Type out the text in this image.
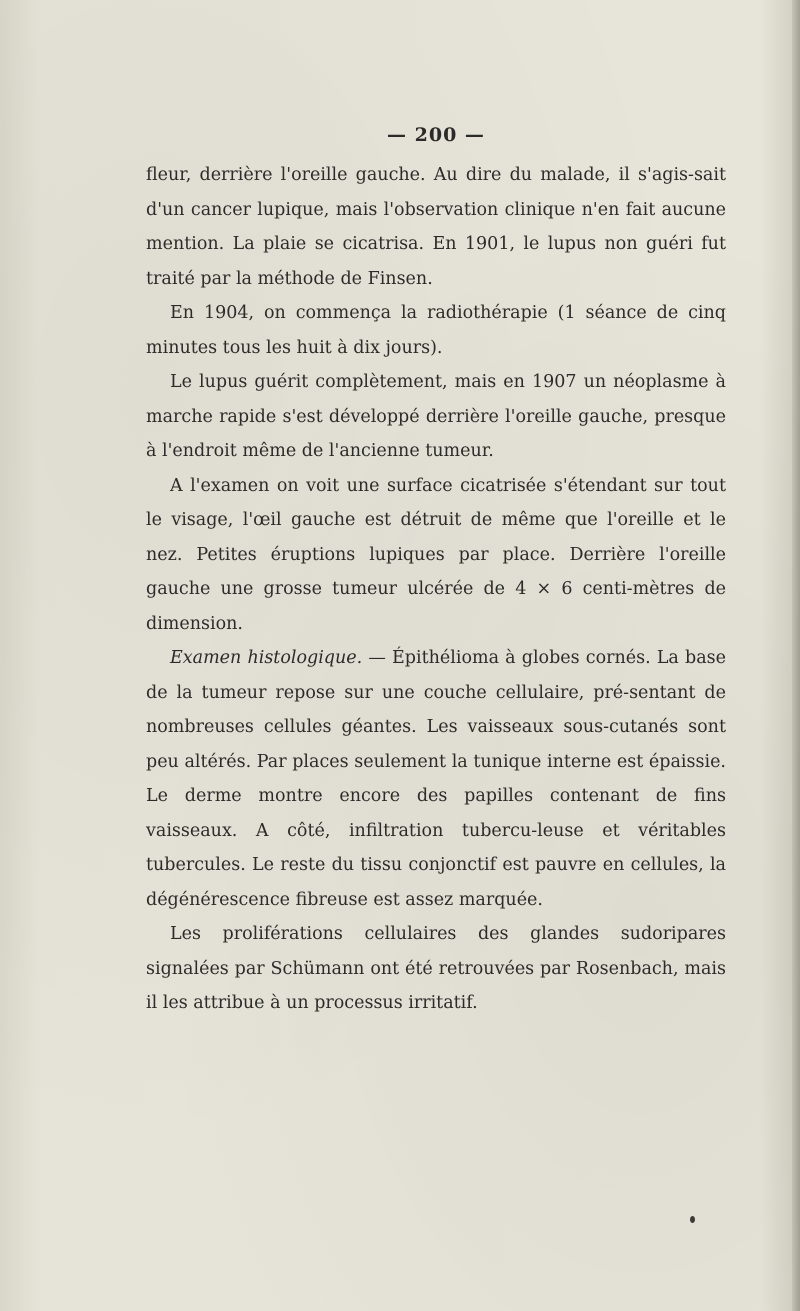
— 200 —

fleur, derrière l'oreille gauche. Au dire du malade, il s'agis-sait d'un cancer lupique, mais l'observation clinique n'en fait aucune mention. La plaie se cicatrisa. En 1901, le lupus non guéri fut traité par la méthode de Finsen.

En 1904, on commença la radiothérapie (1 séance de cinq minutes tous les huit à dix jours).

Le lupus guérit complètement, mais en 1907 un néoplasme à marche rapide s'est développé derrière l'oreille gauche, presque à l'endroit même de l'ancienne tumeur.

A l'examen on voit une surface cicatrisée s'étendant sur tout le visage, l'œil gauche est détruit de même que l'oreille et le nez. Petites éruptions lupiques par place. Derrière l'oreille gauche une grosse tumeur ulcérée de 4 × 6 centi-mètres de dimension.

Examen histologique. — Épithélioma à globes cornés. La base de la tumeur repose sur une couche cellulaire, pré-sentant de nombreuses cellules géantes. Les vaisseaux sous-cutanés sont peu altérés. Par places seulement la tunique interne est épaissie. Le derme montre encore des papilles contenant de fins vaisseaux. A côté, infiltration tubercu-leuse et véritables tubercules. Le reste du tissu conjonctif est pauvre en cellules, la dégénérescence fibreuse est assez marquée.

Les proliférations cellulaires des glandes sudoripares signalées par Schümann ont été retrouvées par Rosenbach, mais il les attribue à un processus irritatif.
